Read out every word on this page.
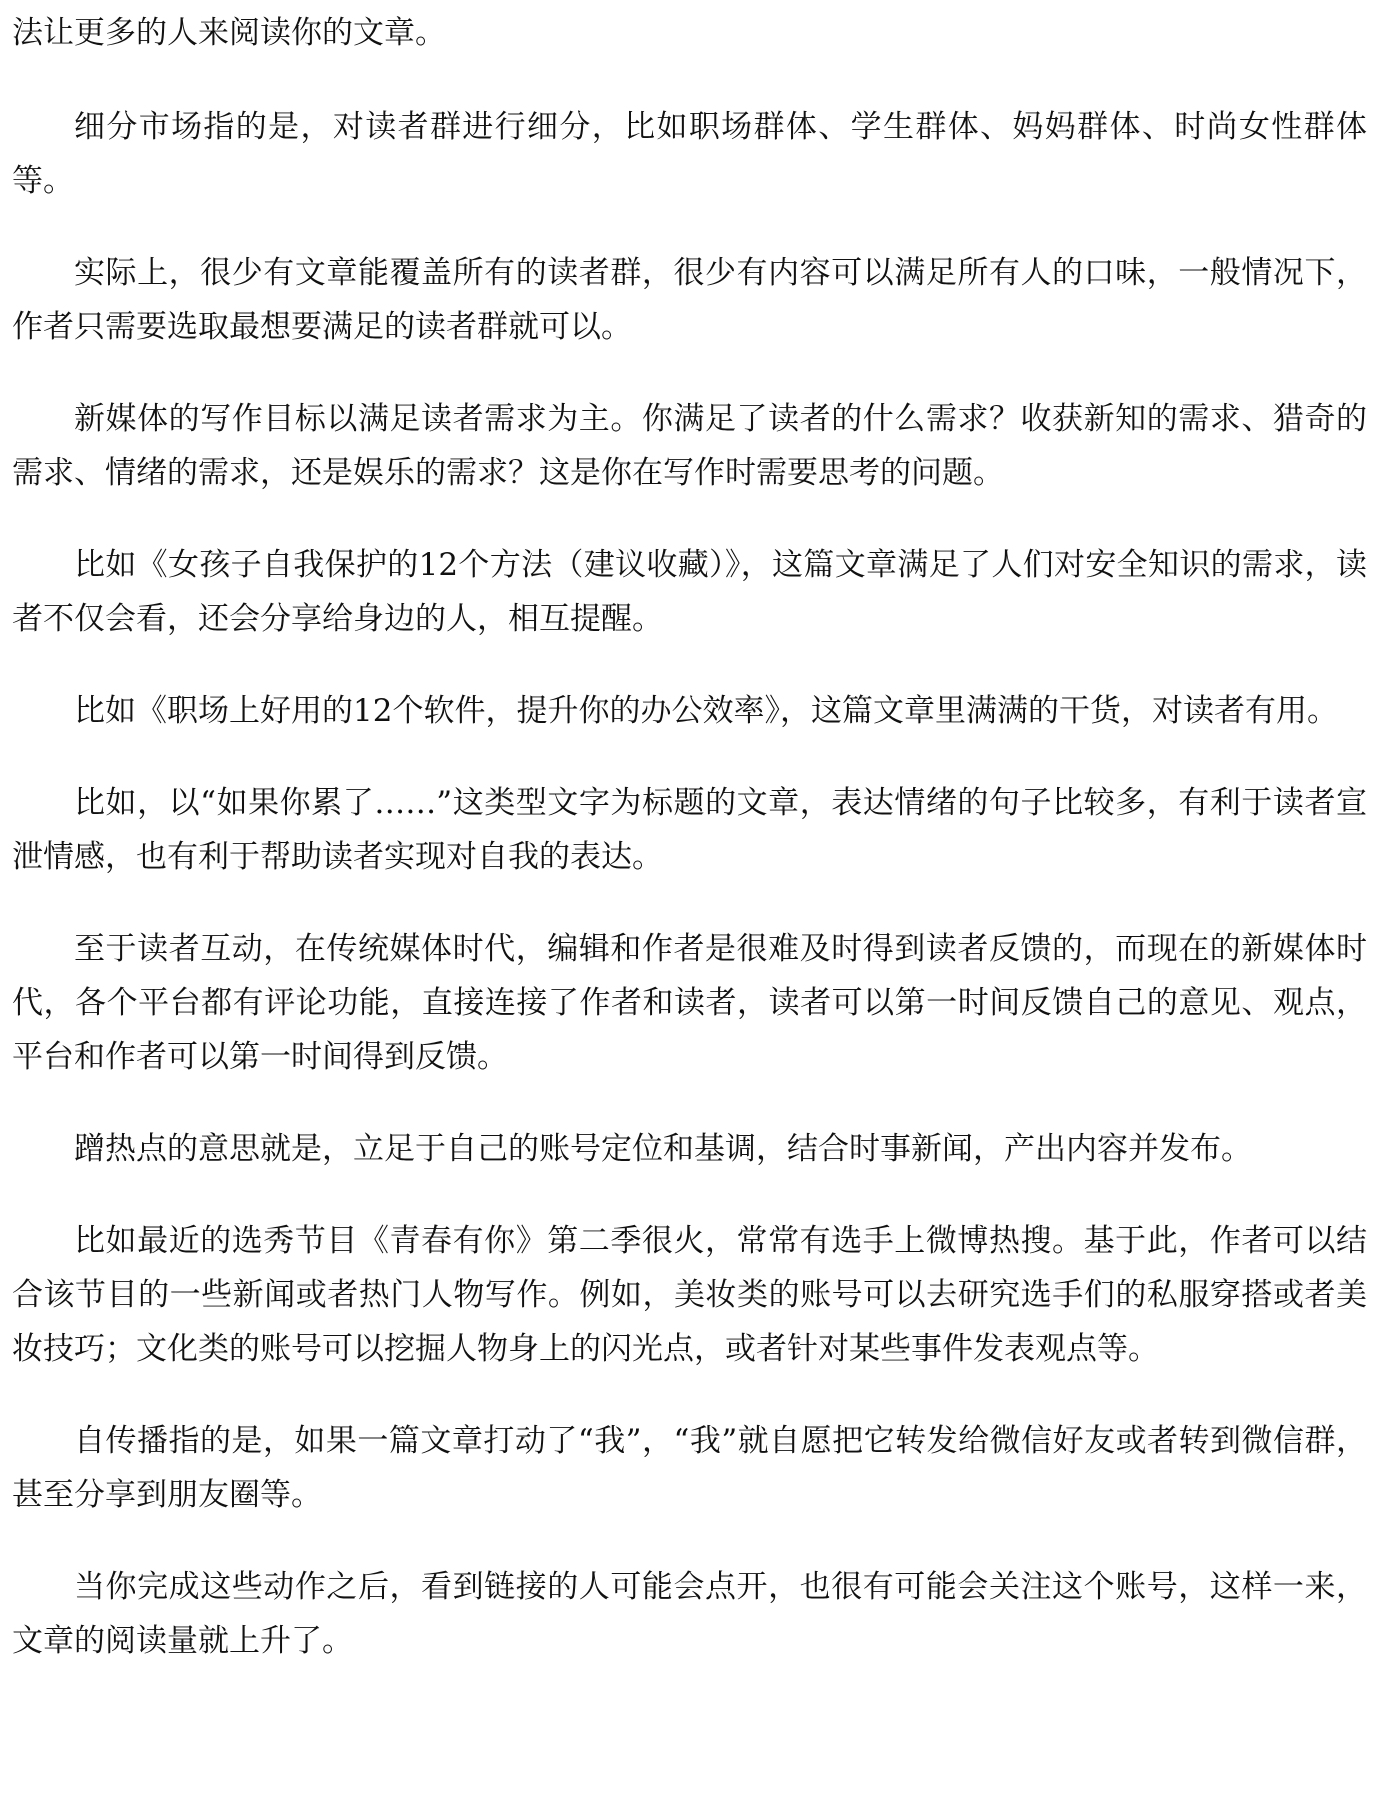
法让更多的人来阅读你的文章。

细分市场指的是，对读者群进行细分，比如职场群体、学生群体、妈妈群体、时尚女性群体等。

实际上，很少有文章能覆盖所有的读者群，很少有内容可以满足所有人的口味，一般情况下，作者只需要选取最想要满足的读者群就可以。

新媒体的写作目标以满足读者需求为主。你满足了读者的什么需求？收获新知的需求、猎奇的需求、情绪的需求，还是娱乐的需求？这是你在写作时需要思考的问题。

比如《女孩子自我保护的12个方法（建议收藏）》，这篇文章满足了人们对安全知识的需求，读者不仅会看，还会分享给身边的人，相互提醒。

比如《职场上好用的12个软件，提升你的办公效率》，这篇文章里满满的干货，对读者有用。

比如，以“如果你累了……”这类型文字为标题的文章，表达情绪的句子比较多，有利于读者宣泄情感，也有利于帮助读者实现对自我的表达。

至于读者互动，在传统媒体时代，编辑和作者是很难及时得到读者反馈的，而现在的新媒体时代，各个平台都有评论功能，直接连接了作者和读者，读者可以第一时间反馈自己的意见、观点，平台和作者可以第一时间得到反馈。

蹭热点的意思就是，立足于自己的账号定位和基调，结合时事新闻，产出内容并发布。

比如最近的选秀节目《青春有你》第二季很火，常常有选手上微博热搜。基于此，作者可以结合该节目的一些新闻或者热门人物写作。例如，美妆类的账号可以去研究选手们的私服穿搭或者美妆技巧；文化类的账号可以挖掘人物身上的闪光点，或者针对某些事件发表观点等。

自传播指的是，如果一篇文章打动了“我”，“我”就自愿把它转发给微信好友或者转到微信群，甚至分享到朋友圈等。

当你完成这些动作之后，看到链接的人可能会点开，也很有可能会关注这个账号，这样一来，文章的阅读量就上升了。
